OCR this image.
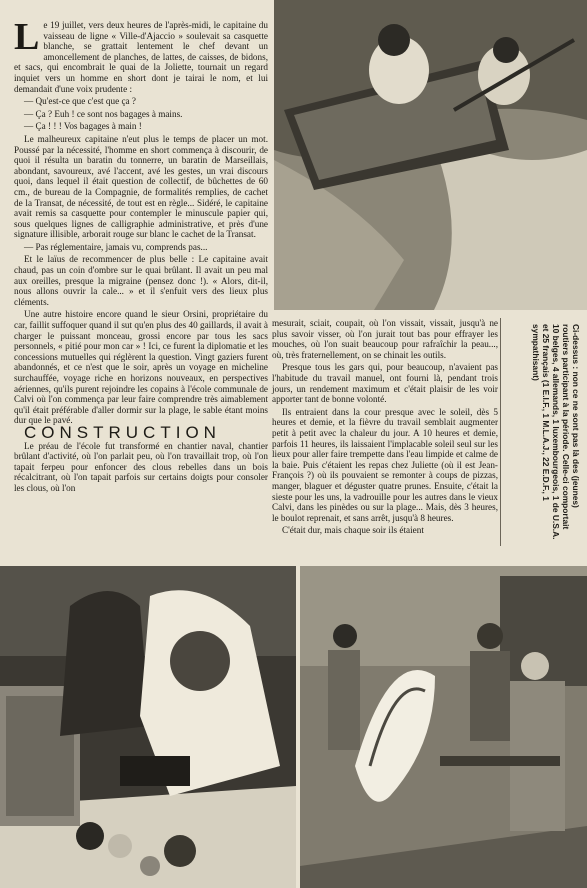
Le 19 juillet, vers deux heures de l'après-midi, le capitaine du vaisseau de ligne « Ville-d'Ajaccio » soulevait sa casquette blanche, se grattait lentement le chef devant un amoncellement de planches, de lattes, de caisses, de bidons, et sacs, qui encombrait le quai de la Joliette, tournait un regard inquiet vers un homme en short dont je tairai le nom, et lui demandait d'une voix prudente :

— Qu'est-ce que c'est que ça ?

— Ça ? Euh ! ce sont nos bagages à mains.

— Ça ! ! ! Vos bagages à main !

Le malheureux capitaine n'eut plus le temps de placer un mot. Poussé par la nécessité, l'homme en short commença à discourir, de quoi il résulta un baratin du tonnerre, un baratin de Marseillais, abondant, savoureux, avé l'accent, avé les gestes, un vrai discours quoi, dans lequel il était question de collectif, de bûchettes de 60 cm., de bureau de la Compagnie, de formalités remplies, de cachet de la Transat, de nécessité, de tout est en règle... Sidéré, le capitaine avait remis sa casquette pour contempler le minuscule papier qui, sous quelques lignes de calligraphie administrative, et près d'une signature illisible, arborait rouge sur blanc le cachet de la Transat.

— Pas réglementaire, jamais vu, comprends pas...

Et le laïus de recommencer de plus belle : Le capitaine avait chaud, pas un coin d'ombre sur le quai brûlant. Il avait un peu mal aux oreilles, presque la migraine (pensez donc !). « Alors, dit-il, nous allons ouvrir la cale... » et il s'enfuit vers des lieux plus cléments.

Une autre histoire encore quand le sieur Orsini, propriétaire du car, faillit suffoquer quand il sut qu'en plus des 40 gaillards, il avait à charger le puissant monceau, grossi encore par tous les sacs personnels, « pitié pour mon car » ! Ici, ce furent la diplomatie et les concessions mutuelles qui réglèrent la question. Vingt gaziers furent abandonnés, et ce n'est que le soir, après un voyage en micheline surchauffée, voyage riche en horizons nouveaux, en perspectives aériennes, qu'ils purent rejoindre les copains à l'école communale de Calvi où l'on commença par leur faire comprendre très aimablement qu'il était préférable d'aller dormir sur la plage, le sable étant moins dur que le pavé.

CONSTRUCTION

Le préau de l'école fut transformé en chantier naval, chantier brûlant d'activité, où l'on parlait peu, où l'on travaillait trop, où l'on tapait ferpeu pour enfoncer des clous rebelles dans un bois récalcitrant, où l'on tapait parfois sur certains doigts pour consoler les clous, où l'on

mesurait, sciait, coupait, où l'on vissait, vissait, jusqu'à ne plus savoir visser, où l'on jurait tout bas pour effrayer les mouches, où l'on suait beaucoup pour rafraîchir la peau..., où, très fraternellement, on se chinait les outils.

Presque tous les gars qui, pour beaucoup, n'avaient pas l'habitude du travail manuel, ont fourni là, pendant trois jours, un rendement maximum et c'était plaisir de les voir apporter tant de bonne volonté.

Ils entraient dans la cour presque avec le soleil, dès 5 heures et demie, et la fièvre du travail semblait augmenter petit à petit avec la chaleur du jour. A 10 heures et demie, parfois 11 heures, ils laissaient l'implacable soleil seul sur les lieux pour aller faire trempette dans l'eau limpide et calme de la baie. Puis c'étaient les repas chez Juliette (où il est Jean-François ?) où ils pouvaient se remonter à coups de pizzas, manger, blaguer et déguster quatre prunes. Ensuite, c'était la sieste pour les uns, la vadrouille pour les autres dans le vieux Calvi, dans les pinèdes ou sur la plage... Mais, dès 3 heures, le boulot reprenait, et sans arrêt, jusqu'à 8 heures.

C'était dur, mais chaque soir ils étaient

Ci-dessus : non ce ne sont pas là des (jeunes) routiers participant à la période. Celle-ci comportait 10 belges, 4 allemands, 1 luxembourgeois, 1 de U.S.A. et 25 français (1 E.I.F., 1 M.L.A.J., 22 E.D.F., 1 sympathisant)
